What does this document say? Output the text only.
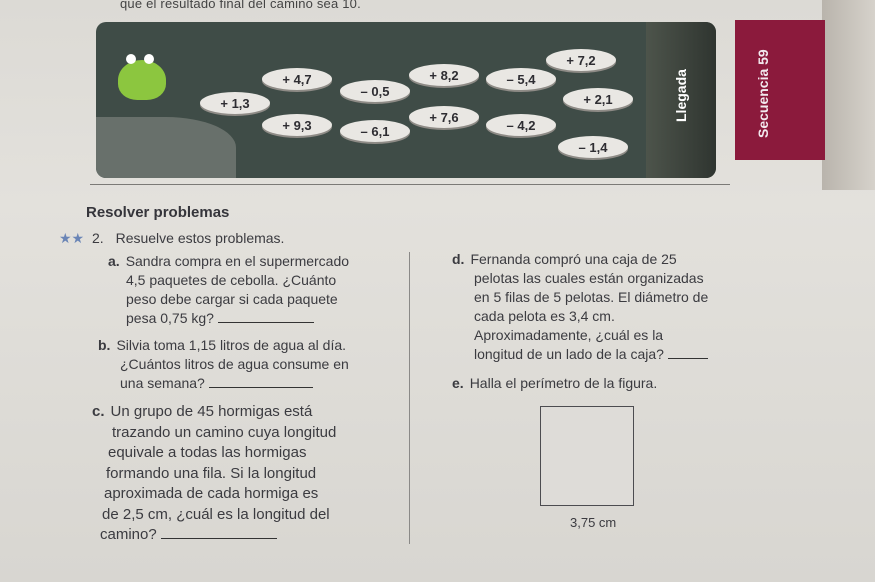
que el resultado final del camino sea 10.
Secuencia 59
+ 1,3
+ 4,7
– 0,5
+ 8,2	– 5,4
+ 7,2
+ 2,1
+ 9,3	– 6,1
+ 7,6
– 4,2
– 1,4
Llegada
Resolver problemas
★★ 2. Resuelve estos problemas.
a. Sandra compra en el supermercado
4,5 paquetes de cebolla. ¿Cuánto
peso debe cargar si cada paquete
pesa 0,75 kg?
b. Silvia toma 1,15 litros de agua al día.
¿Cuántos litros de agua consume en
una semana?
c. Un grupo de 45 hormigas está
trazando un camino cuya longitud
equivale a todas las hormigas
formando una fila. Si la longitud
aproximada de cada hormiga es
de 2,5 cm, ¿cuál es la longitud del
camino?
d. Fernanda compró una caja de 25
pelotas las cuales están organizadas
en 5 filas de 5 pelotas. El diámetro de
cada pelota es 3,4 cm.
Aproximadamente, ¿cuál es la
longitud de un lado de la caja?
e. Halla el perímetro de la figura.
3,75 cm
